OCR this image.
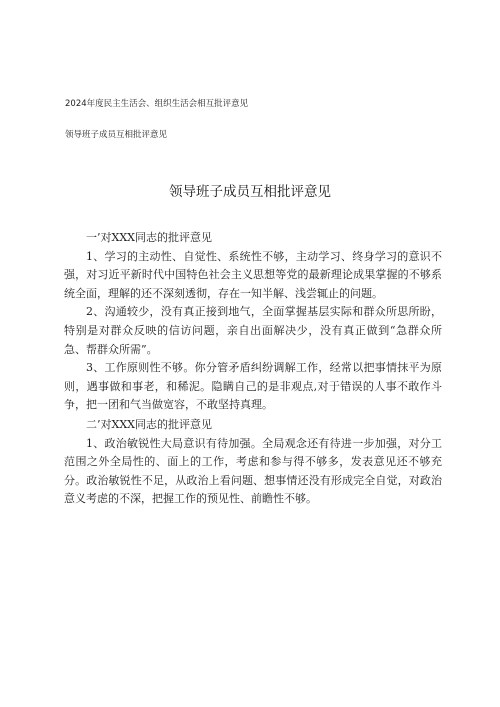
2024年度民主生活会、组织生活会相互批评意见
领导班子成员互相批评意见
领导班子成员互相批评意见

一’对XXX同志的批评意见

1、学习的主动性、自觉性、系统性不够，主动学习、终身学习的意识不强，对习近平新时代中国特色社会主义思想等党的最新理论成果掌握的不够系统全面，理解的还不深刻透彻，存在一知半解、浅尝辄止的问题。

2、沟通较少，没有真正接到地气，全面掌握基层实际和群众所思所盼，特别是对群众反映的信访问题，亲自出面解决少，没有真正做到“急群众所急、帮群众所需”。

3、工作原则性不够。你分管矛盾纠纷调解工作，经常以把事情抹平为原则，遇事做和事老，和稀泥。隐瞒自己的是非观点,对于错误的人事不敢作斗争，把一团和气当做宽容，不敢坚持真理。

二’对XXX同志的批评意见

1、政治敏锐性大局意识有待加强。全局观念还有待进一步加强，对分工范围之外全局性的、面上的工作，考虑和参与得不够多，发表意见还不够充分。政治敏锐性不足，从政治上看问题、想事情还没有形成完全自觉，对政治意义考虑的不深，把握工作的预见性、前瞻性不够。
